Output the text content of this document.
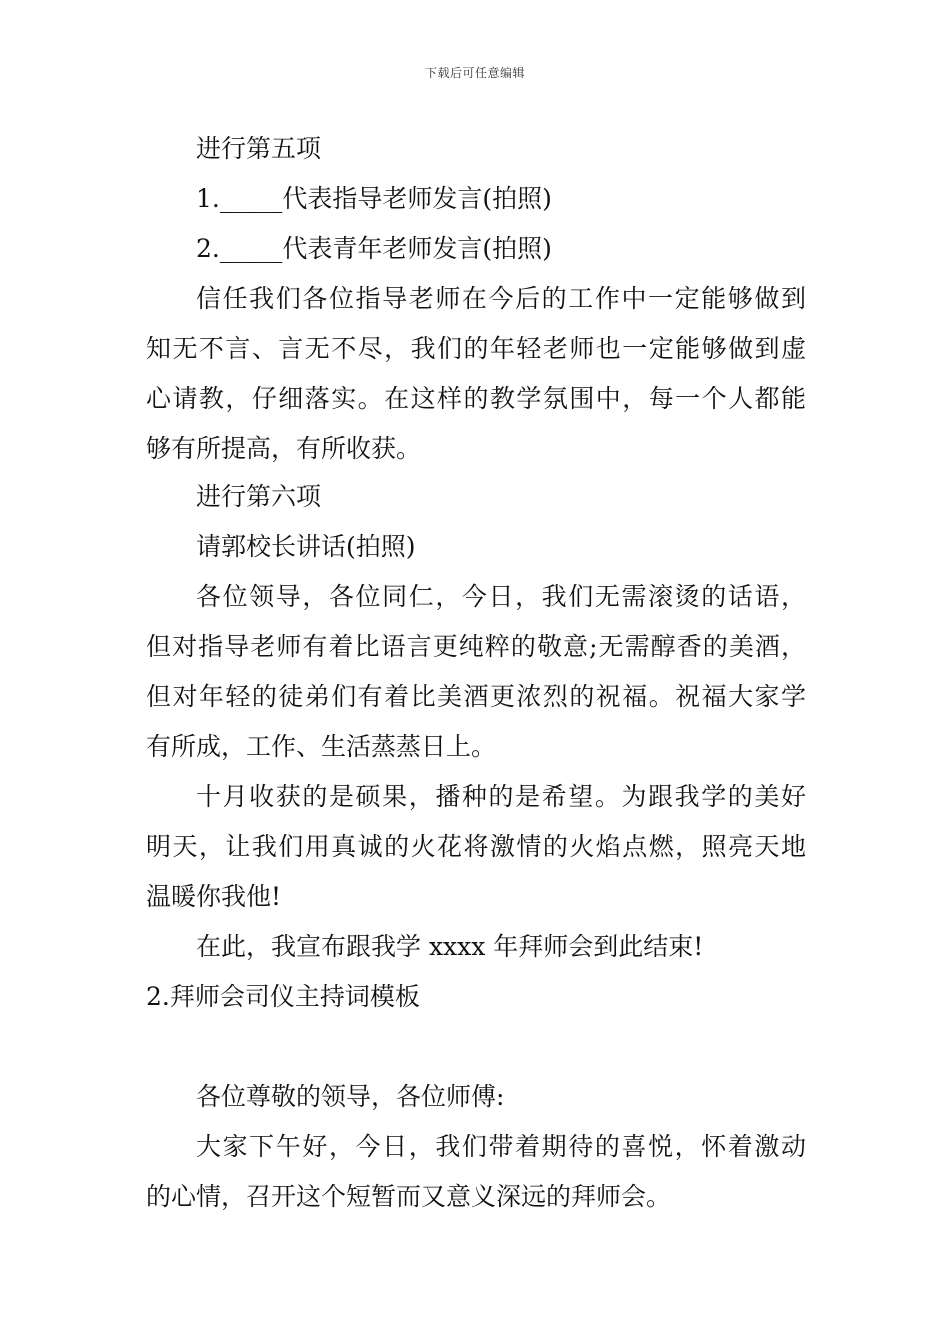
下载后可任意编辑
进行第五项
1._____代表指导老师发言(拍照)
2._____代表青年老师发言(拍照)
信任我们各位指导老师在今后的工作中一定能够做到
知无不言、言无不尽，我们的年轻老师也一定能够做到虚
心请教，仔细落实。在这样的教学氛围中，每一个人都能
够有所提高，有所收获。
进行第六项
请郭校长讲话(拍照)
各位领导，各位同仁，今日，我们无需滚烫的话语，
但对指导老师有着比语言更纯粹的敬意;无需醇香的美酒，
但对年轻的徒弟们有着比美酒更浓烈的祝福。祝福大家学
有所成，工作、生活蒸蒸日上。
十月收获的是硕果，播种的是希望。为跟我学的美好
明天，让我们用真诚的火花将激情的火焰点燃，照亮天地
温暖你我他!
在此，我宣布跟我学 xxxx 年拜师会到此结束!
2.拜师会司仪主持词模板
各位尊敬的领导，各位师傅:
大家下午好，今日，我们带着期待的喜悦，怀着激动
的心情，召开这个短暂而又意义深远的拜师会。
